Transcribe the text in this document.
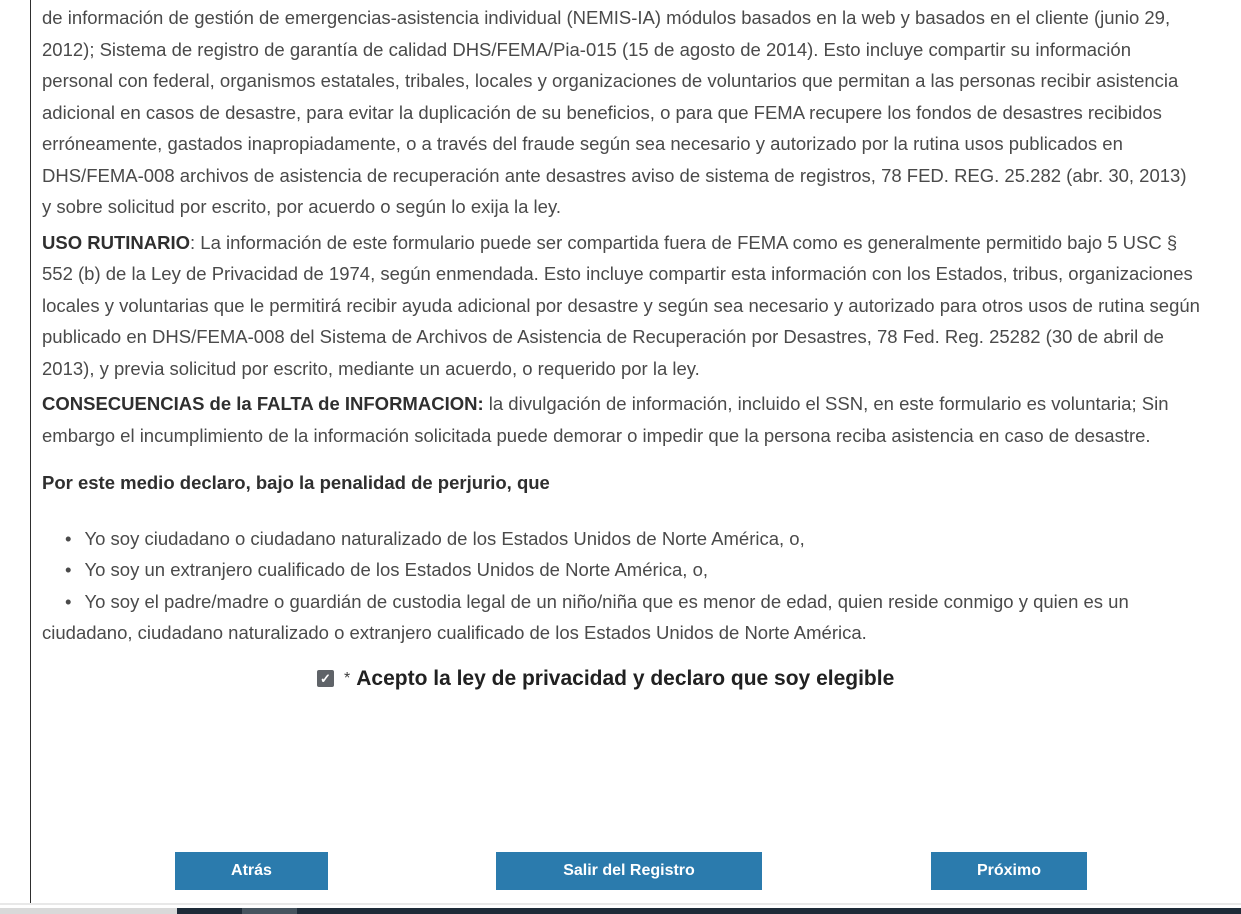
de información de gestión de emergencias-asistencia individual (NEMIS-IA) módulos basados en la web y basados en el cliente (junio 29, 2012); Sistema de registro de garantía de calidad DHS/FEMA/Pia-015 (15 de agosto de 2014). Esto incluye compartir su información personal con federal, organismos estatales, tribales, locales y organizaciones de voluntarios que permitan a las personas recibir asistencia adicional en casos de desastre, para evitar la duplicación de su beneficios, o para que FEMA recupere los fondos de desastres recibidos erróneamente, gastados inapropiadamente, o a través del fraude según sea necesario y autorizado por la rutina usos publicados en DHS/FEMA-008 archivos de asistencia de recuperación ante desastres aviso de sistema de registros, 78 FED. REG. 25.282 (abr. 30, 2013) y sobre solicitud por escrito, por acuerdo o según lo exija la ley.

USO RUTINARIO: La información de este formulario puede ser compartida fuera de FEMA como es generalmente permitido bajo 5 USC § 552 (b) de la Ley de Privacidad de 1974, según enmendada. Esto incluye compartir esta información con los Estados, tribus, organizaciones locales y voluntarias que le permitirá recibir ayuda adicional por desastre y según sea necesario y autorizado para otros usos de rutina según publicado en DHS/FEMA-008 del Sistema de Archivos de Asistencia de Recuperación por Desastres, 78 Fed. Reg. 25282 (30 de abril de 2013), y previa solicitud por escrito, mediante un acuerdo, o requerido por la ley.

CONSECUENCIAS de la FALTA de INFORMACION: la divulgación de información, incluido el SSN, en este formulario es voluntaria; Sin embargo el incumplimiento de la información solicitada puede demorar o impedir que la persona reciba asistencia en caso de desastre.

Por este medio declaro, bajo la penalidad de perjurio, que

• Yo soy ciudadano o ciudadano naturalizado de los Estados Unidos de Norte América, o,
• Yo soy un extranjero cualificado de los Estados Unidos de Norte América, o,
• Yo soy el padre/madre o guardián de custodia legal de un niño/niña que es menor de edad, quien reside conmigo y quien es un ciudadano, ciudadano naturalizado o extranjero cualificado de los Estados Unidos de Norte América.
✓ * Acepto la ley de privacidad y declaro que soy elegible
Atrás	Salir del Registro	Próximo
